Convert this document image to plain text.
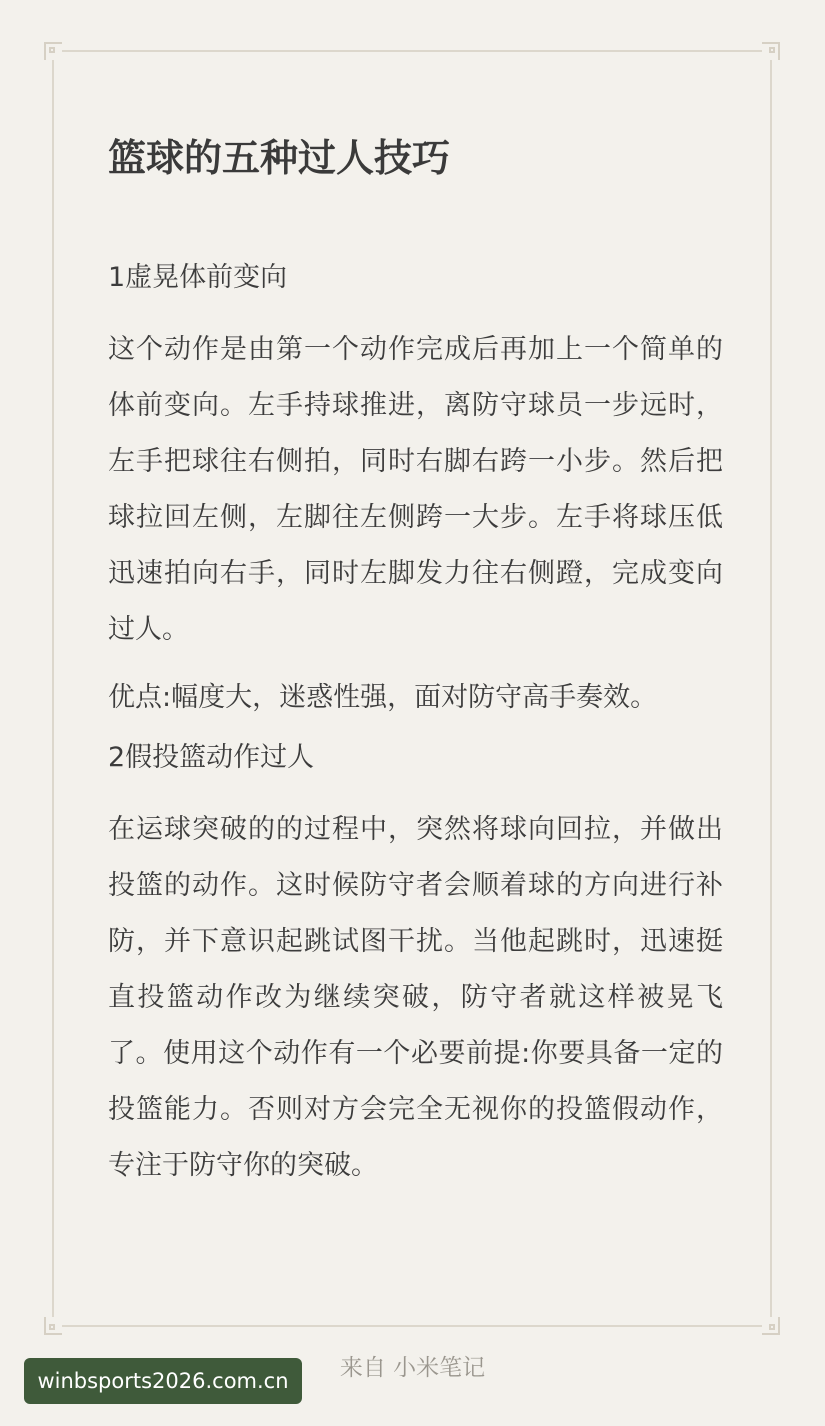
篮球的五种过人技巧
1虚晃体前变向

这个动作是由第一个动作完成后再加上一个简单的体前变向。左手持球推进，离防守球员一步远时，左手把球往右侧拍，同时右脚右跨一小步。然后把球拉回左侧，左脚往左侧跨一大步。左手将球压低迅速拍向右手，同时左脚发力往右侧蹬，完成变向过人。

优点:幅度大，迷惑性强，面对防守高手奏效。

2假投篮动作过人

在运球突破的的过程中，突然将球向回拉，并做出投篮的动作。这时候防守者会顺着球的方向进行补防，并下意识起跳试图干扰。当他起跳时，迅速挺直投篮动作改为继续突破，防守者就这样被晃飞了。使用这个动作有一个必要前提:你要具备一定的投篮能力。否则对方会完全无视你的投篮假动作，专注于防守你的突破。

来自 小米笔记
winbsports2026.com.cn
